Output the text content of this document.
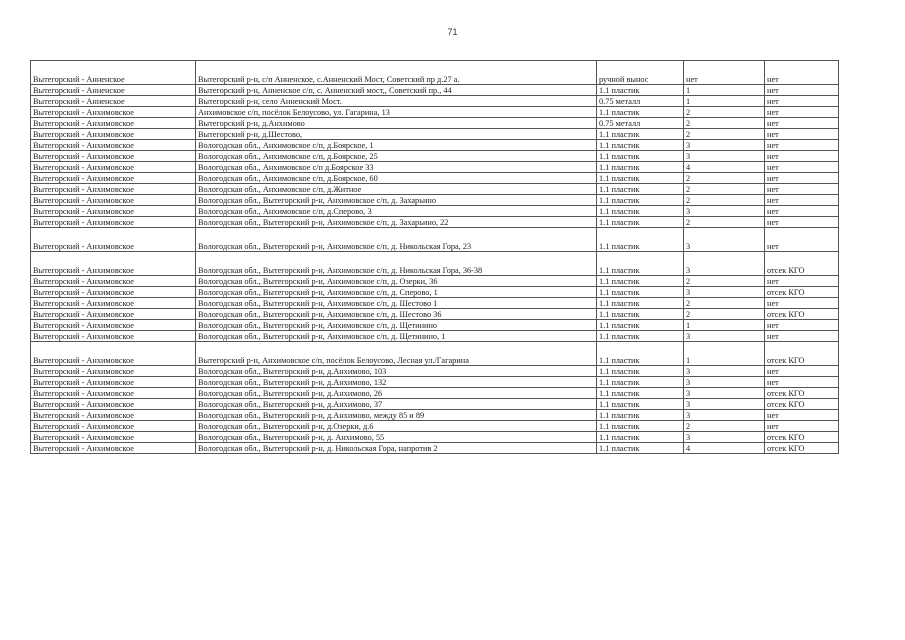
71
Вытегорский - Анненское	Вытегорский р-н, с/п Анненское, с.Анненский Мост, Советский пр д.27 а.	ручной вынос	нет	нет
Вытегорский - Анненское	Вытегорский р-н, Анненское с/п, с. Анненский мост,, Советский пр., 44	1.1 пластик	1	нет
Вытегорский - Анненское	Вытегорский р-н, село Анненский Мост.	0.75 металл	1	нет
Вытегорский - Анхимовское	Анхимовское с/п, посёлок Белоусово, ул. Гагарина, 13	1.1 пластик	2	нет
Вытегорский - Анхимовское	Вытегорский р-н, д.Анхимово	0.75 металл	2	нет
Вытегорский - Анхимовское	Вытегорский р-н, д.Шестово,	1.1 пластик	2	нет
Вытегорский - Анхимовское	Вологодская обл., Анхимовское с/п, д.Боярское, 1	1.1 пластик	3	нет
Вытегорский - Анхимовское	Вологодская обл., Анхимовское с/п, д.Боярское, 25	1.1 пластик	3	нет
Вытегорский - Анхимовское	Вологодская обл., Анхимовское с/п д.Боярское 33	1.1 пластик	4	нет
Вытегорский - Анхимовское	Вологодская обл., Анхимовское с/п, д.Боярское, 60	1.1 пластик	2	нет
Вытегорский - Анхимовское	Вологодская обл., Анхимовское с/п, д.Житное	1.1 пластик	2	нет
Вытегорский - Анхимовское	Вологодская обл., Вытегорский р-н, Анхимовское с/п, д. Захарьино	1.1 пластик	2	нет
Вытегорский - Анхимовское	Вологодская обл., Анхимовское с/п, д.Сперово, 3	1.1 пластик	3	нет
Вытегорский - Анхимовское	Вологодская обл., Вытегорский р-н, Анхимовское с/п, д. Захарьино, 22	1.1 пластик	2	нет
Вытегорский - Анхимовское	Вологодская обл., Вытегорский р-н, Анхимовское с/п, д. Никольская Гора, 23	1.1 пластик	3	нет
Вытегорский - Анхимовское	Вологодская обл., Вытегорский р-н, Анхимовское с/п, д. Никольская Гора, 36-38	1.1 пластик	3	отсек КГО
Вытегорский - Анхимовское	Вологодская обл., Вытегорский р-н, Анхимовское с/п, д. Озерки, 36	1.1 пластик	2	нет
Вытегорский - Анхимовское	Вологодская обл., Вытегорский р-н, Анхимовское с/п, д. Сперово, 1	1.1 пластик	3	отсек КГО
Вытегорский - Анхимовское	Вологодская обл., Вытегорский р-н, Анхимовское с/п, д. Шестово 1	1.1 пластик	2	нет
Вытегорский - Анхимовское	Вологодская обл., Вытегорский р-н, Анхимовское с/п, д. Шестово 36	1.1 пластик	2	отсек КГО
Вытегорский - Анхимовское	Вологодская обл., Вытегорский р-н, Анхимовское с/п, д. Щетинино	1.1 пластик	1	нет
Вытегорский - Анхимовское	Вологодская обл., Вытегорский р-н, Анхимовское с/п, д. Щетинино, 1	1.1 пластик	3	нет
Вытегорский - Анхимовское	Вытегорский р-н, Анхимовское с/п, посёлок Белоусово, Лесная ул./Гагарина	1.1 пластик	1	отсек КГО
Вытегорский - Анхимовское	Вологодская обл., Вытегорский р-н, д.Анхимово, 103	1.1 пластик	3	нет
Вытегорский - Анхимовское	Вологодская обл., Вытегорский р-н, д.Анхимово, 132	1.1 пластик	3	нет
Вытегорский - Анхимовское	Вологодская обл., Вытегорский р-н, д.Анхимово, 26	1.1 пластик	3	отсек КГО
Вытегорский - Анхимовское	Вологодская обл., Вытегорский р-н, д.Анхимово, 37	1.1 пластик	3	отсек КГО
Вытегорский - Анхимовское	Вологодская обл., Вытегорский р-н, д.Анхимово, между 85 и 89	1.1 пластик	3	нет
Вытегорский - Анхимовское	Вологодская обл., Вытегорский р-н, д.Озерки, д.6	1.1 пластик	2	нет
Вытегорский - Анхимовское	Вологодская обл., Вытегорский р-н, д. Анхимово, 55	1.1 пластик	3	отсек КГО
Вытегорский - Анхимовское	Вологодская обл., Вытегорский р-н, д. Никольская Гора, напротив 2	1.1 пластик	4	отсек КГО
